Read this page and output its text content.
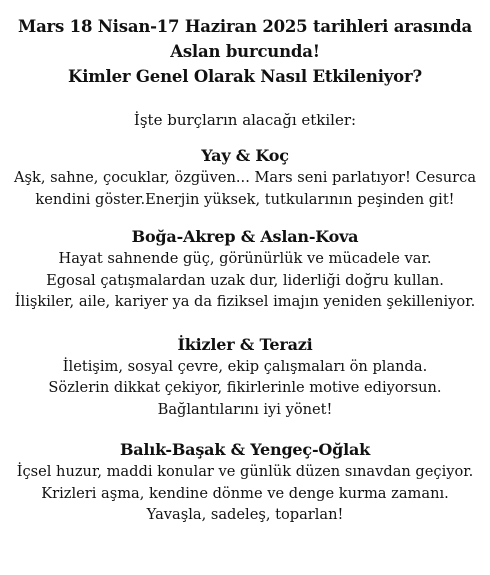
Mars 18 Nisan-17 Haziran 2025 tarihleri arasında
Aslan burcunda!
Kimler Genel Olarak Nasıl Etkileniyor?
İşte burçların alacağı etkiler:
Yay & Koç
Aşk, sahne, çocuklar, özgüven... Mars seni parlatıyor! Cesurca
kendini göster.Enerjin yüksek, tutkularının peşinden git!
Boğa-Akrep & Aslan-Kova
Hayat sahnende güç, görünürlük ve mücadele var.
Egosal çatışmalardan uzak dur, liderliği doğru kullan.
İlişkiler, aile, kariyer ya da fiziksel imajın yeniden şekilleniyor.
İkizler & Terazi
İletişim, sosyal çevre, ekip çalışmaları ön planda.
Sözlerin dikkat çekiyor, fikirlerinle motive ediyorsun.
Bağlantılarını iyi yönet!
Balık-Başak & Yengeç-Oğlak
İçsel huzur, maddi konular ve günlük düzen sınavdan geçiyor.
Krizleri aşma, kendine dönme ve denge kurma zamanı.
Yavaşla, sadeleş, toparlan!
